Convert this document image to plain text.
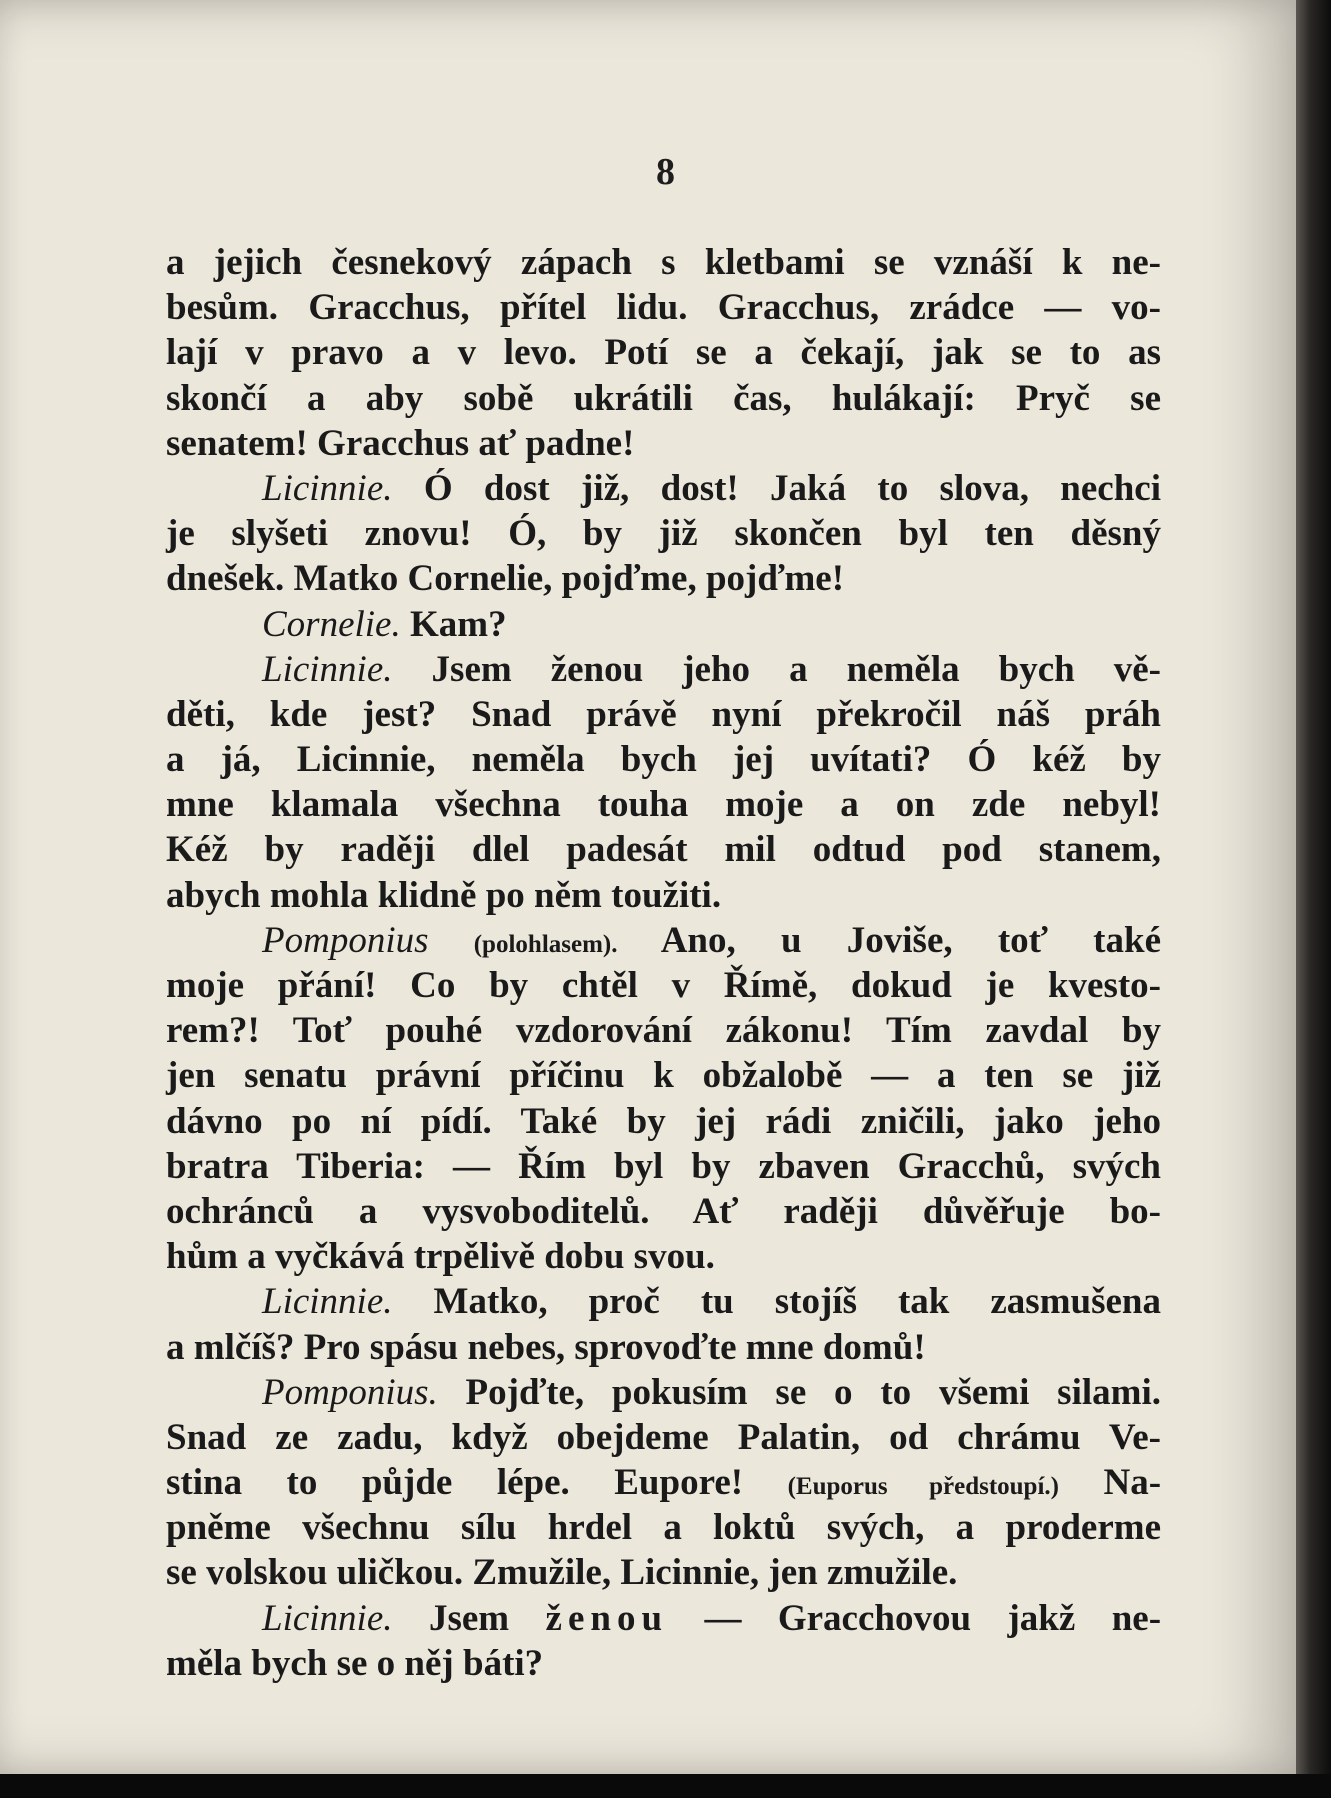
8
a jejich česnekový zápach s kletbami se vznáší k ne-
besům. Gracchus, přítel lidu. Gracchus, zrádce — vo-
lají v pravo a v levo. Potí se a čekají, jak se to as
skončí a aby sobě ukrátili čas, hulákají: Pryč se
senatem! Gracchus ať padne!
Licinnie. Ó dost již, dost! Jaká to slova, nechci
je slyšeti znovu! Ó, by již skončen byl ten děsný
dnešek. Matko Cornelie, pojďme, pojďme!
Cornelie. Kam?
Licinnie. Jsem ženou jeho a neměla bych vě-
děti, kde jest? Snad právě nyní překročil náš práh
a já, Licinnie, neměla bych jej uvítati? Ó kéž by
mne klamala všechna touha moje a on zde nebyl!
Kéž by raději dlel padesát mil odtud pod stanem,
abych mohla klidně po něm toužiti.
Pomponius (polohlasem). Ano, u Joviše, toť také
moje přání! Co by chtěl v Římě, dokud je kvesto-
rem?! Toť pouhé vzdorování zákonu! Tím zavdal by
jen senatu právní příčinu k obžalobě — a ten se již
dávno po ní pídí. Také by jej rádi zničili, jako jeho
bratra Tiberia: — Řím byl by zbaven Gracchů, svých
ochránců a vysvoboditelů. Ať raději důvěřuje bo-
hům a vyčkává trpělivě dobu svou.
Licinnie. Matko, proč tu stojíš tak zasmušena
a mlčíš? Pro spásu nebes, sprovoďte mne domů!
Pomponius. Pojďte, pokusím se o to všemi silami.
Snad ze zadu, když obejdeme Palatin, od chrámu Ve-
stina to půjde lépe. Eupore! (Euporus předstoupí.) Na-
pněme všechnu sílu hrdel a loktů svých, a proderme
se volskou uličkou. Zmužile, Licinnie, jen zmužile.
Licinnie. Jsem ženou — Gracchovou jakž ne-
měla bych se o něj báti?
